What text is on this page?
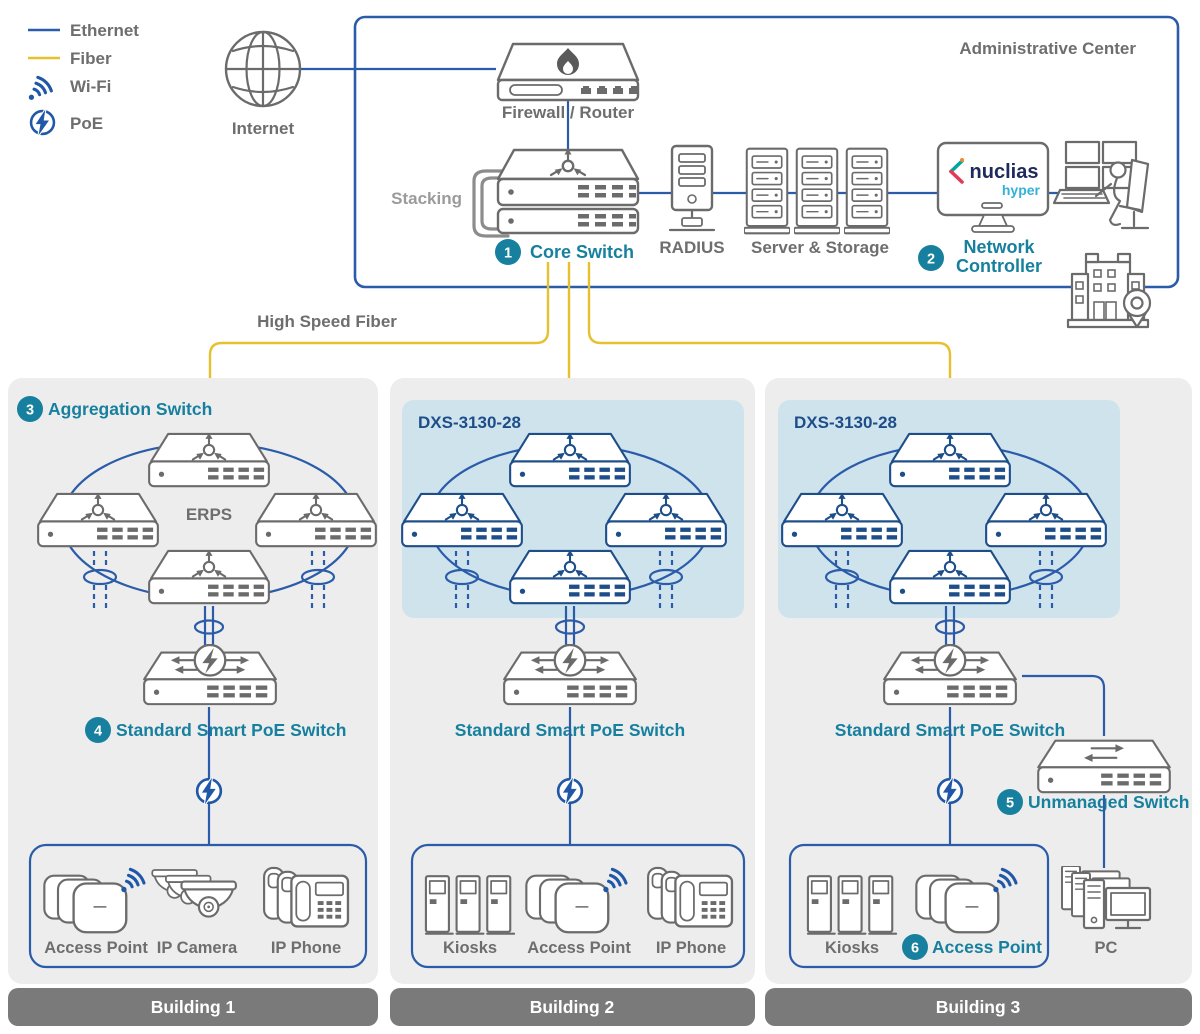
Ethernet
Fiber
Wi-Fi
PoE	Internet
Administrative Center
Firewall / Router
Stacking
1 Core Switch RADIUS Server & Storage
nuclias
hyper
2
Network
Controller
High Speed Fiber
3 Aggregation Switch
ERPS
4 Standard Smart PoE Switch
Access Point IP Camera IP Phone
Building 1
DXS-3130-28
Standard Smart PoE Switch
Kiosks Access Point IP Phone
Building 2
DXS-3130-28
Standard Smart PoE Switch
5 Unmanaged Switch
Kiosks 6 Access Point	PC
Building 3
